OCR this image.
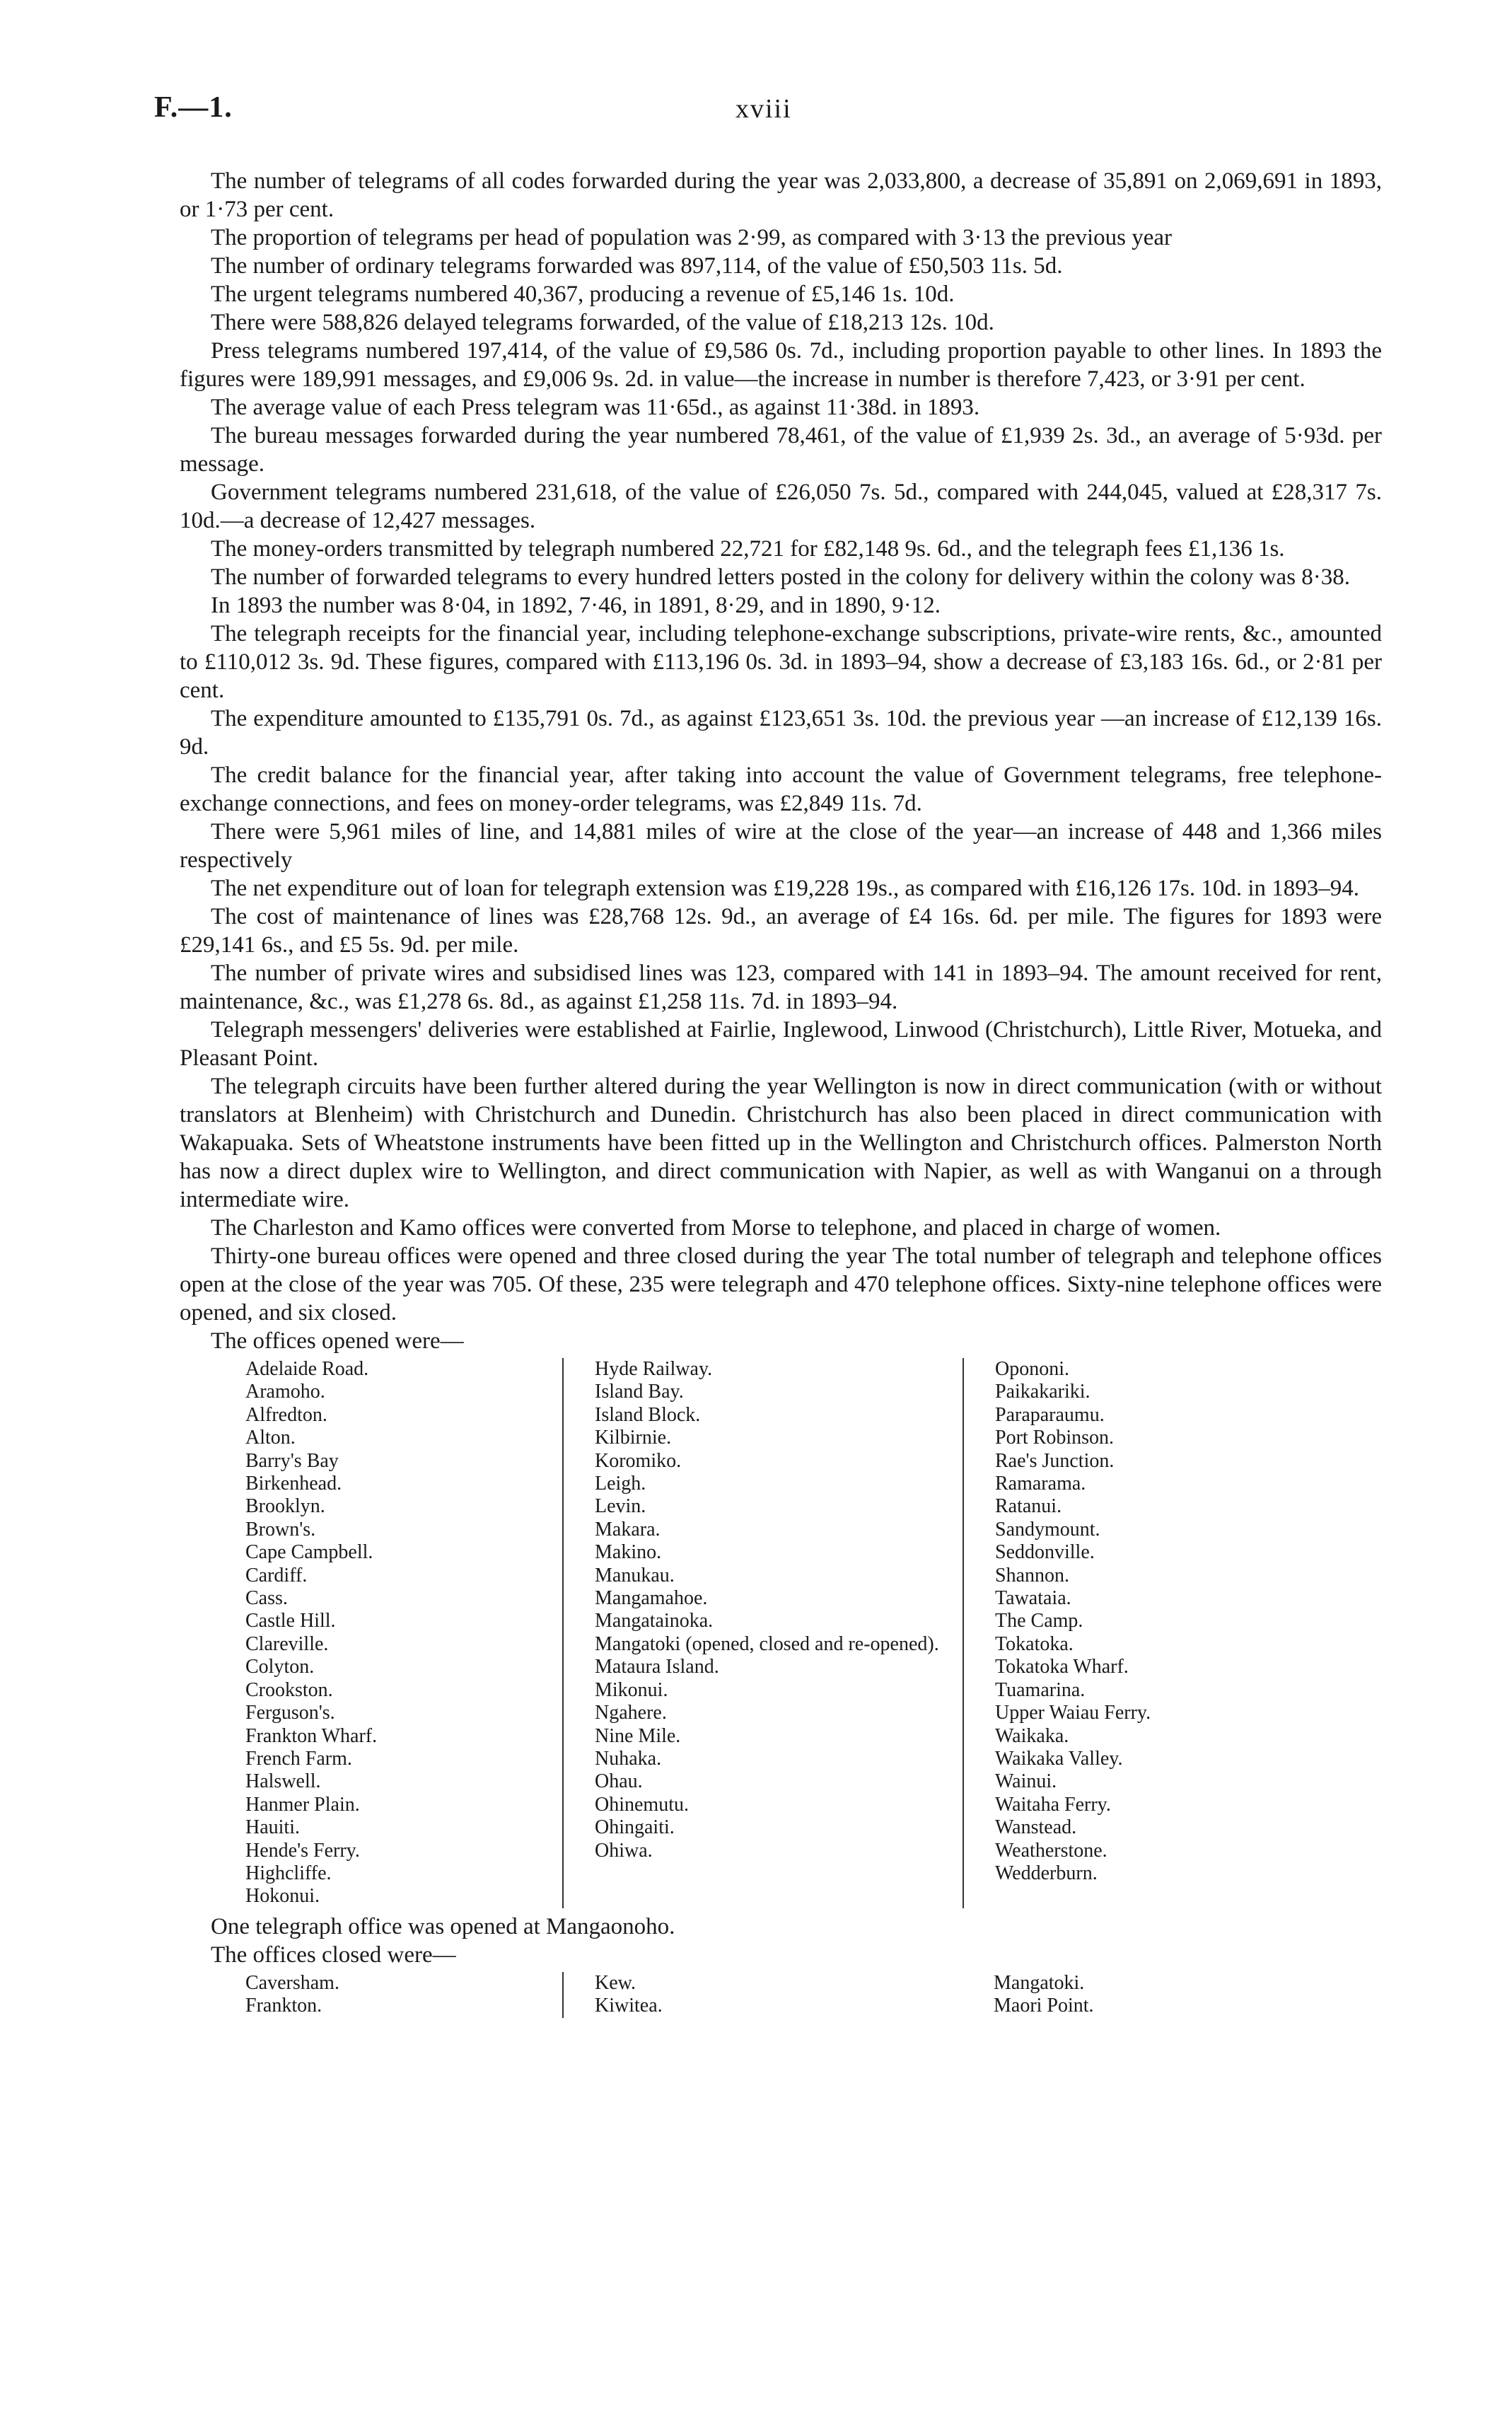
F.—1.	xviii

The number of telegrams of all codes forwarded during the year was 2,033,800, a decrease of 35,891 on 2,069,691 in 1893, or 1·73 per cent.

The proportion of telegrams per head of population was 2·99, as compared with 3·13 the previous year

The number of ordinary telegrams forwarded was 897,114, of the value of £50,503 11s. 5d.

The urgent telegrams numbered 40,367, producing a revenue of £5,146 1s. 10d.

There were 588,826 delayed telegrams forwarded, of the value of £18,213 12s. 10d.

Press telegrams numbered 197,414, of the value of £9,586 0s. 7d., including proportion payable to other lines. In 1893 the figures were 189,991 messages, and £9,006 9s. 2d. in value—the increase in number is therefore 7,423, or 3·91 per cent.

The average value of each Press telegram was 11·65d., as against 11·38d. in 1893.

The bureau messages forwarded during the year numbered 78,461, of the value of £1,939 2s. 3d., an average of 5·93d. per message.

Government telegrams numbered 231,618, of the value of £26,050 7s. 5d., compared with 244,045, valued at £28,317 7s. 10d.—a decrease of 12,427 messages.

The money-orders transmitted by telegraph numbered 22,721 for £82,148 9s. 6d., and the telegraph fees £1,136 1s.

The number of forwarded telegrams to every hundred letters posted in the colony for delivery within the colony was 8·38.

In 1893 the number was 8·04, in 1892, 7·46, in 1891, 8·29, and in 1890, 9·12.

The telegraph receipts for the financial year, including telephone-exchange subscriptions, private-wire rents, &c., amounted to £110,012 3s. 9d. These figures, compared with £113,196 0s. 3d. in 1893–94, show a decrease of £3,183 16s. 6d., or 2·81 per cent.

The expenditure amounted to £135,791 0s. 7d., as against £123,651 3s. 10d. the previous year —an increase of £12,139 16s. 9d.

The credit balance for the financial year, after taking into account the value of Government telegrams, free telephone-exchange connections, and fees on money-order telegrams, was £2,849 11s. 7d.

There were 5,961 miles of line, and 14,881 miles of wire at the close of the year—an increase of 448 and 1,366 miles respectively

The net expenditure out of loan for telegraph extension was £19,228 19s., as compared with £16,126 17s. 10d. in 1893–94.

The cost of maintenance of lines was £28,768 12s. 9d., an average of £4 16s. 6d. per mile. The figures for 1893 were £29,141 6s., and £5 5s. 9d. per mile.

The number of private wires and subsidised lines was 123, compared with 141 in 1893–94. The amount received for rent, maintenance, &c., was £1,278 6s. 8d., as against £1,258 11s. 7d. in 1893–94.

Telegraph messengers' deliveries were established at Fairlie, Inglewood, Linwood (Christchurch), Little River, Motueka, and Pleasant Point.

The telegraph circuits have been further altered during the year Wellington is now in direct communication (with or without translators at Blenheim) with Christchurch and Dunedin. Christchurch has also been placed in direct communication with Wakapuaka. Sets of Wheatstone instruments have been fitted up in the Wellington and Christchurch offices. Palmerston North has now a direct duplex wire to Wellington, and direct communication with Napier, as well as with Wanganui on a through intermediate wire.

The Charleston and Kamo offices were converted from Morse to telephone, and placed in charge of women.

Thirty-one bureau offices were opened and three closed during the year The total number of telegraph and telephone offices open at the close of the year was 705. Of these, 235 were telegraph and 470 telephone offices. Sixty-nine telephone offices were opened, and six closed.

The offices opened were—

Adelaide Road.
Aramoho.
Alfredton.
Alton.
Barry's Bay
Birkenhead.
Brooklyn.
Brown's.
Cape Campbell.
Cardiff.
Cass.
Castle Hill.
Clareville.
Colyton.
Crookston.
Ferguson's.
Frankton Wharf.
French Farm.
Halswell.
Hanmer Plain.
Hauiti.
Hende's Ferry.
Highcliffe.
Hokonui.
Hyde Railway.
Island Bay.
Island Block.
Kilbirnie.
Koromiko.
Leigh.
Levin.
Makara.
Makino.
Manukau.
Mangamahoe.
Mangatainoka.
Mangatoki (opened, closed and re-opened).
Mataura Island.
Mikonui.
Ngahere.
Nine Mile.
Nuhaka.
Ohau.
Ohinemutu.
Ohingaiti.
Ohiwa.
Opononi.
Paikakariki.
Paraparaumu.
Port Robinson.
Rae's Junction.
Ramarama.
Ratanui.
Sandymount.
Seddonville.
Shannon.
Tawataia.
The Camp.
Tokatoka.
Tokatoka Wharf.
Tuamarina.
Upper Waiau Ferry.
Waikaka.
Waikaka Valley.
Wainui.
Waitaha Ferry.
Wanstead.
Weatherstone.
Wedderburn.

One telegraph office was opened at Mangaonoho.

The offices closed were—

Caversham.
Frankton.
Kew.
Kiwitea.
Mangatoki.
Maori Point.
